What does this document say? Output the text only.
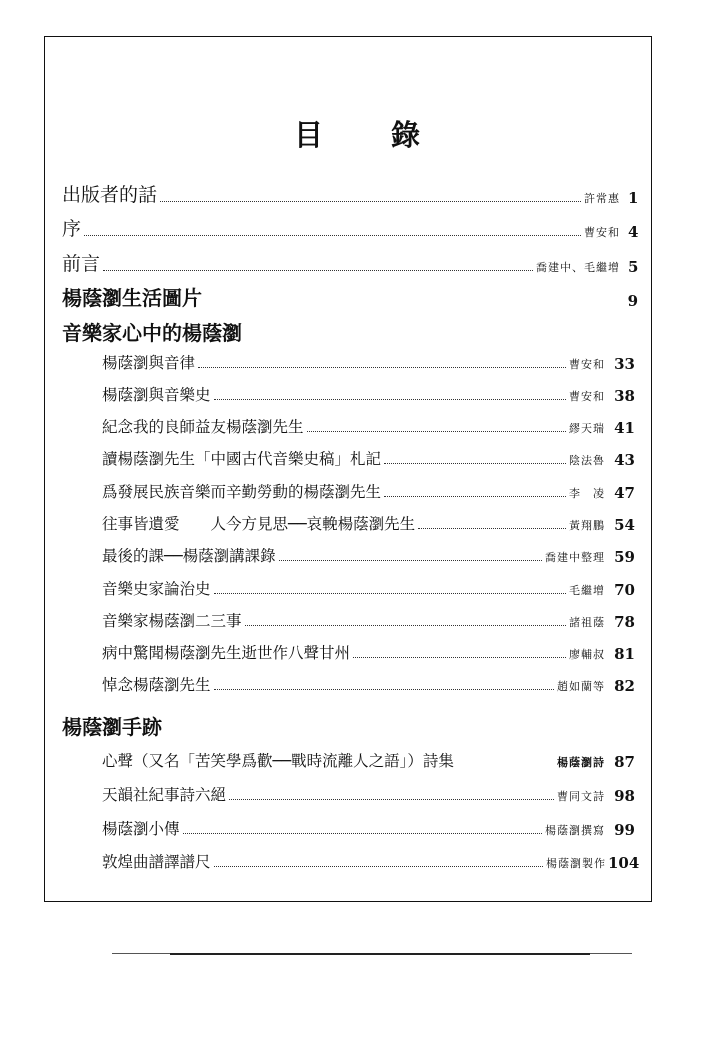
目 錄
出版者的話	許常惠 1
序	曹安和 4
前言	喬建中、毛繼增 5
楊蔭瀏生活圖片	9
音樂家心中的楊蔭瀏
楊蔭瀏與音律	曹安和 33
楊蔭瀏與音樂史	曹安和 38
紀念我的良師益友楊蔭瀏先生	繆天瑞 41
讀楊蔭瀏先生「中國古代音樂史稿」札記	陰法魯 43
爲發展民族音樂而辛勤勞動的楊蔭瀏先生	李　凌 47
往事皆遺愛　　人今方見思──哀輓楊蔭瀏先生	黃翔鵬 54
最後的課──楊蔭瀏講課錄	喬建中整理 59
音樂史家論治史	毛繼增 70
音樂家楊蔭瀏二三事	諸祖蔭 78
病中驚聞楊蔭瀏先生逝世作八聲甘州	廖輔叔 81
悼念楊蔭瀏先生	趙如蘭等 82
楊蔭瀏手跡
心聲（又名「苦笑學爲歡──戰時流離人之語」）詩集	楊蔭瀏詩 87
天韻社紀事詩六絕	曹同文詩 98
楊蔭瀏小傳	楊蔭瀏撰寫 99
敦煌曲譜譯譜尺	楊蔭瀏製作 104
